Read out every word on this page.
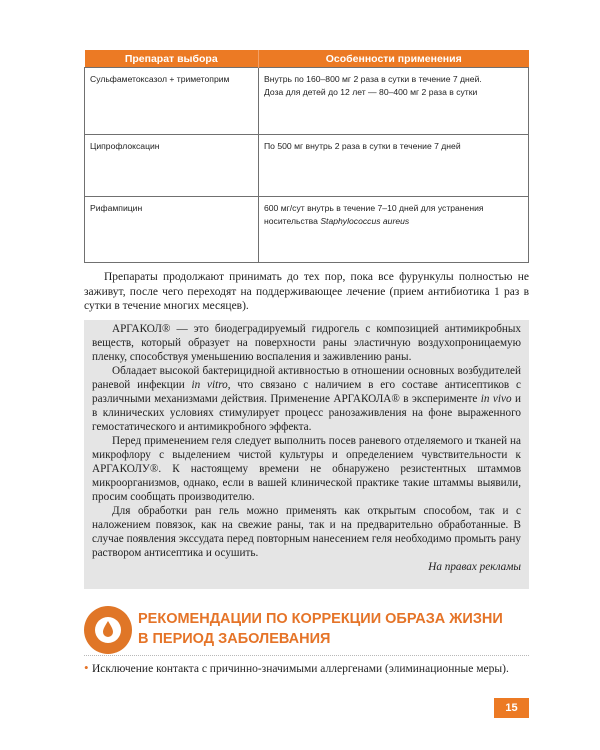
Препарат выбора	Особенности применения
Сульфаметоксазол + триметоприм	Внутрь по 160–800 мг 2 раза в сутки в течение 7 дней.
Доза для детей до 12 лет — 80–400 мг 2 раза в сутки

Ципрофлоксацин	По 500 мг внутрь 2 раза в сутки в течение 7 дней

Рифампицин	600 мг/сут внутрь в течение 7–10 дней для устранения
носительства Staphylococcus aureus

Препараты продолжают принимать до тех пор, пока все фурункулы полностью не заживут, после чего переходят на поддерживающее лечение (прием антибиотика 1 раз в сутки в течение многих месяцев).

АРГАКОЛ® — это биодеградируемый гидрогель с композицией антимикробных веществ, который образует на поверхности раны эластичную воздухопроницаемую пленку, способствуя уменьшению воспаления и заживлению раны.

Обладает высокой бактерицидной активностью в отношении основных возбудителей раневой инфекции in vitro, что связано с наличием в его составе антисептиков с различными механизмами действия. Применение АРГАКОЛА® в эксперименте in vivo и в клинических условиях стимулирует процесс ранозаживления на фоне выраженного гемостатического и антимикробного эффекта.

Перед применением геля следует выполнить посев раневого отделяемого и тканей на микрофлору с выделением чистой культуры и определением чувствительности к АРГАКОЛУ®. К настоящему времени не обнаружено резистентных штаммов микроорганизмов, однако, если в вашей клинической практике такие штаммы выявили, просим сообщать производителю.

Для обработки ран гель можно применять как открытым способом, так и с наложением повязок, как на свежие раны, так и на предварительно обработанные. В случае появления экссудата перед повторным нанесением геля необходимо промыть рану раствором антисептика и осушить.

На правах рекламы

РЕКОМЕНДАЦИИ ПО КОРРЕКЦИИ ОБРАЗА ЖИЗНИ
В ПЕРИОД ЗАБОЛЕВАНИЯ

• Исключение контакта с причинно-значимыми аллергенами (элиминационные меры).

15
